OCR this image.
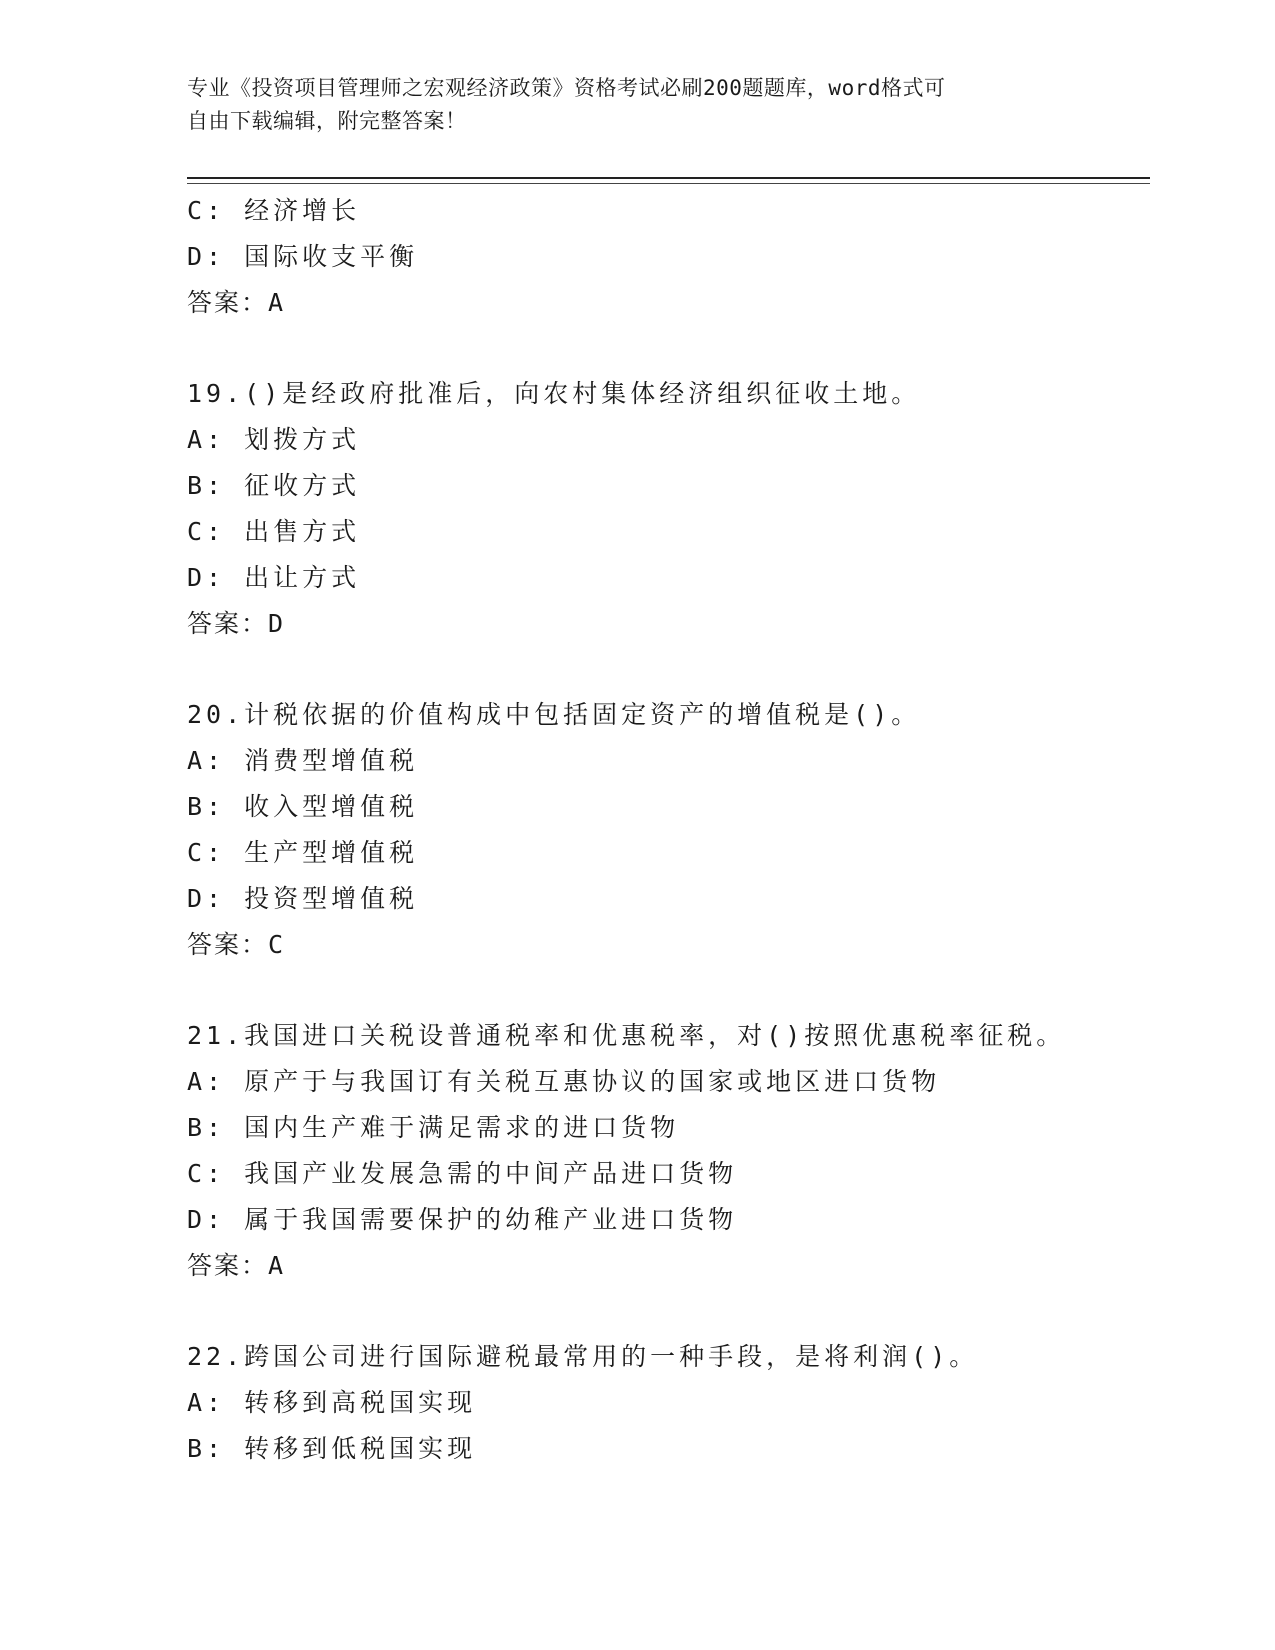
专业《投资项目管理师之宏观经济政策》资格考试必刷200题题库，word格式可
自由下载编辑，附完整答案！
C: 经济增长
D: 国际收支平衡
答案：A
19.()是经政府批准后，向农村集体经济组织征收土地。
A: 划拨方式
B: 征收方式
C: 出售方式
D: 出让方式
答案：D
20.计税依据的价值构成中包括固定资产的增值税是()。
A: 消费型增值税
B: 收入型增值税
C: 生产型增值税
D: 投资型增值税
答案：C
21.我国进口关税设普通税率和优惠税率，对()按照优惠税率征税。
A: 原产于与我国订有关税互惠协议的国家或地区进口货物
B: 国内生产难于满足需求的进口货物
C: 我国产业发展急需的中间产品进口货物
D: 属于我国需要保护的幼稚产业进口货物
答案：A
22.跨国公司进行国际避税最常用的一种手段，是将利润()。
A: 转移到高税国实现
B: 转移到低税国实现
